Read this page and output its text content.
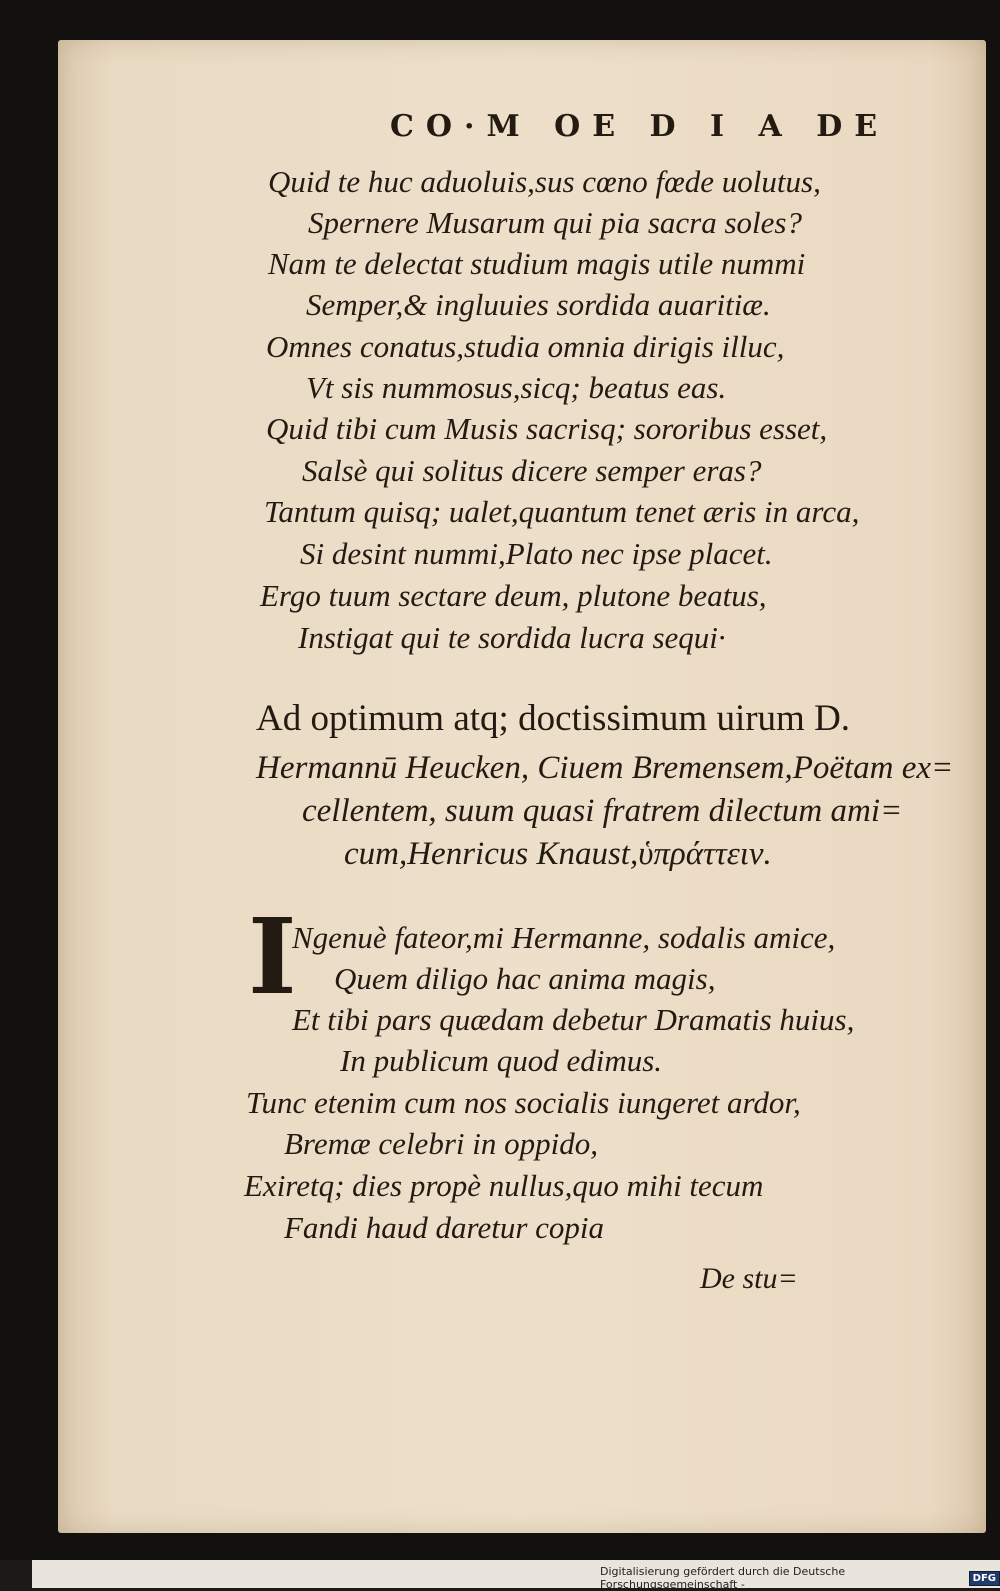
CO·M OE D I A DE
Quid te huc aduoluis,sus cœno fœde uolutus,
Spernere Musarum qui pia sacra soles?
Nam te delectat studium magis utile nummi
Semper,& ingluuies sordida auaritiæ.
Omnes conatus,studia omnia dirigis illuc,
Vt sis nummosus,sicq; beatus eas.
Quid tibi cum Musis sacrisq; sororibus esset,
Salsè qui solitus dicere semper eras?
Tantum quisq; ualet,quantum tenet æris in arca,
Si desint nummi,Plato nec ipse placet.
Ergo tuum sectare deum, plutone beatus,
Instigat qui te sordida lucra sequi·
Ad optimum atq; doctissimum uirum D.
Hermannū Heucken, Ciuem Bremensem,Poëtam ex=
cellentem, suum quasi fratrem dilectum ami=
cum,Henricus Knaust,ὑπράττειν.
I
Ngenuè fateor,mi Hermanne, sodalis amice,
Quem diligo hac anima magis,
Et tibi pars quædam debetur Dramatis huius,
In publicum quod edimus.
Tunc etenim cum nos socialis iungeret ardor,
Bremæ celebri in oppido,
Exiretq; dies propè nullus,quo mihi tecum
Fandi haud daretur copia
De stu=
Digitalisierung gefördert durch die Deutsche Forschungsgemeinschaft -	DFG
